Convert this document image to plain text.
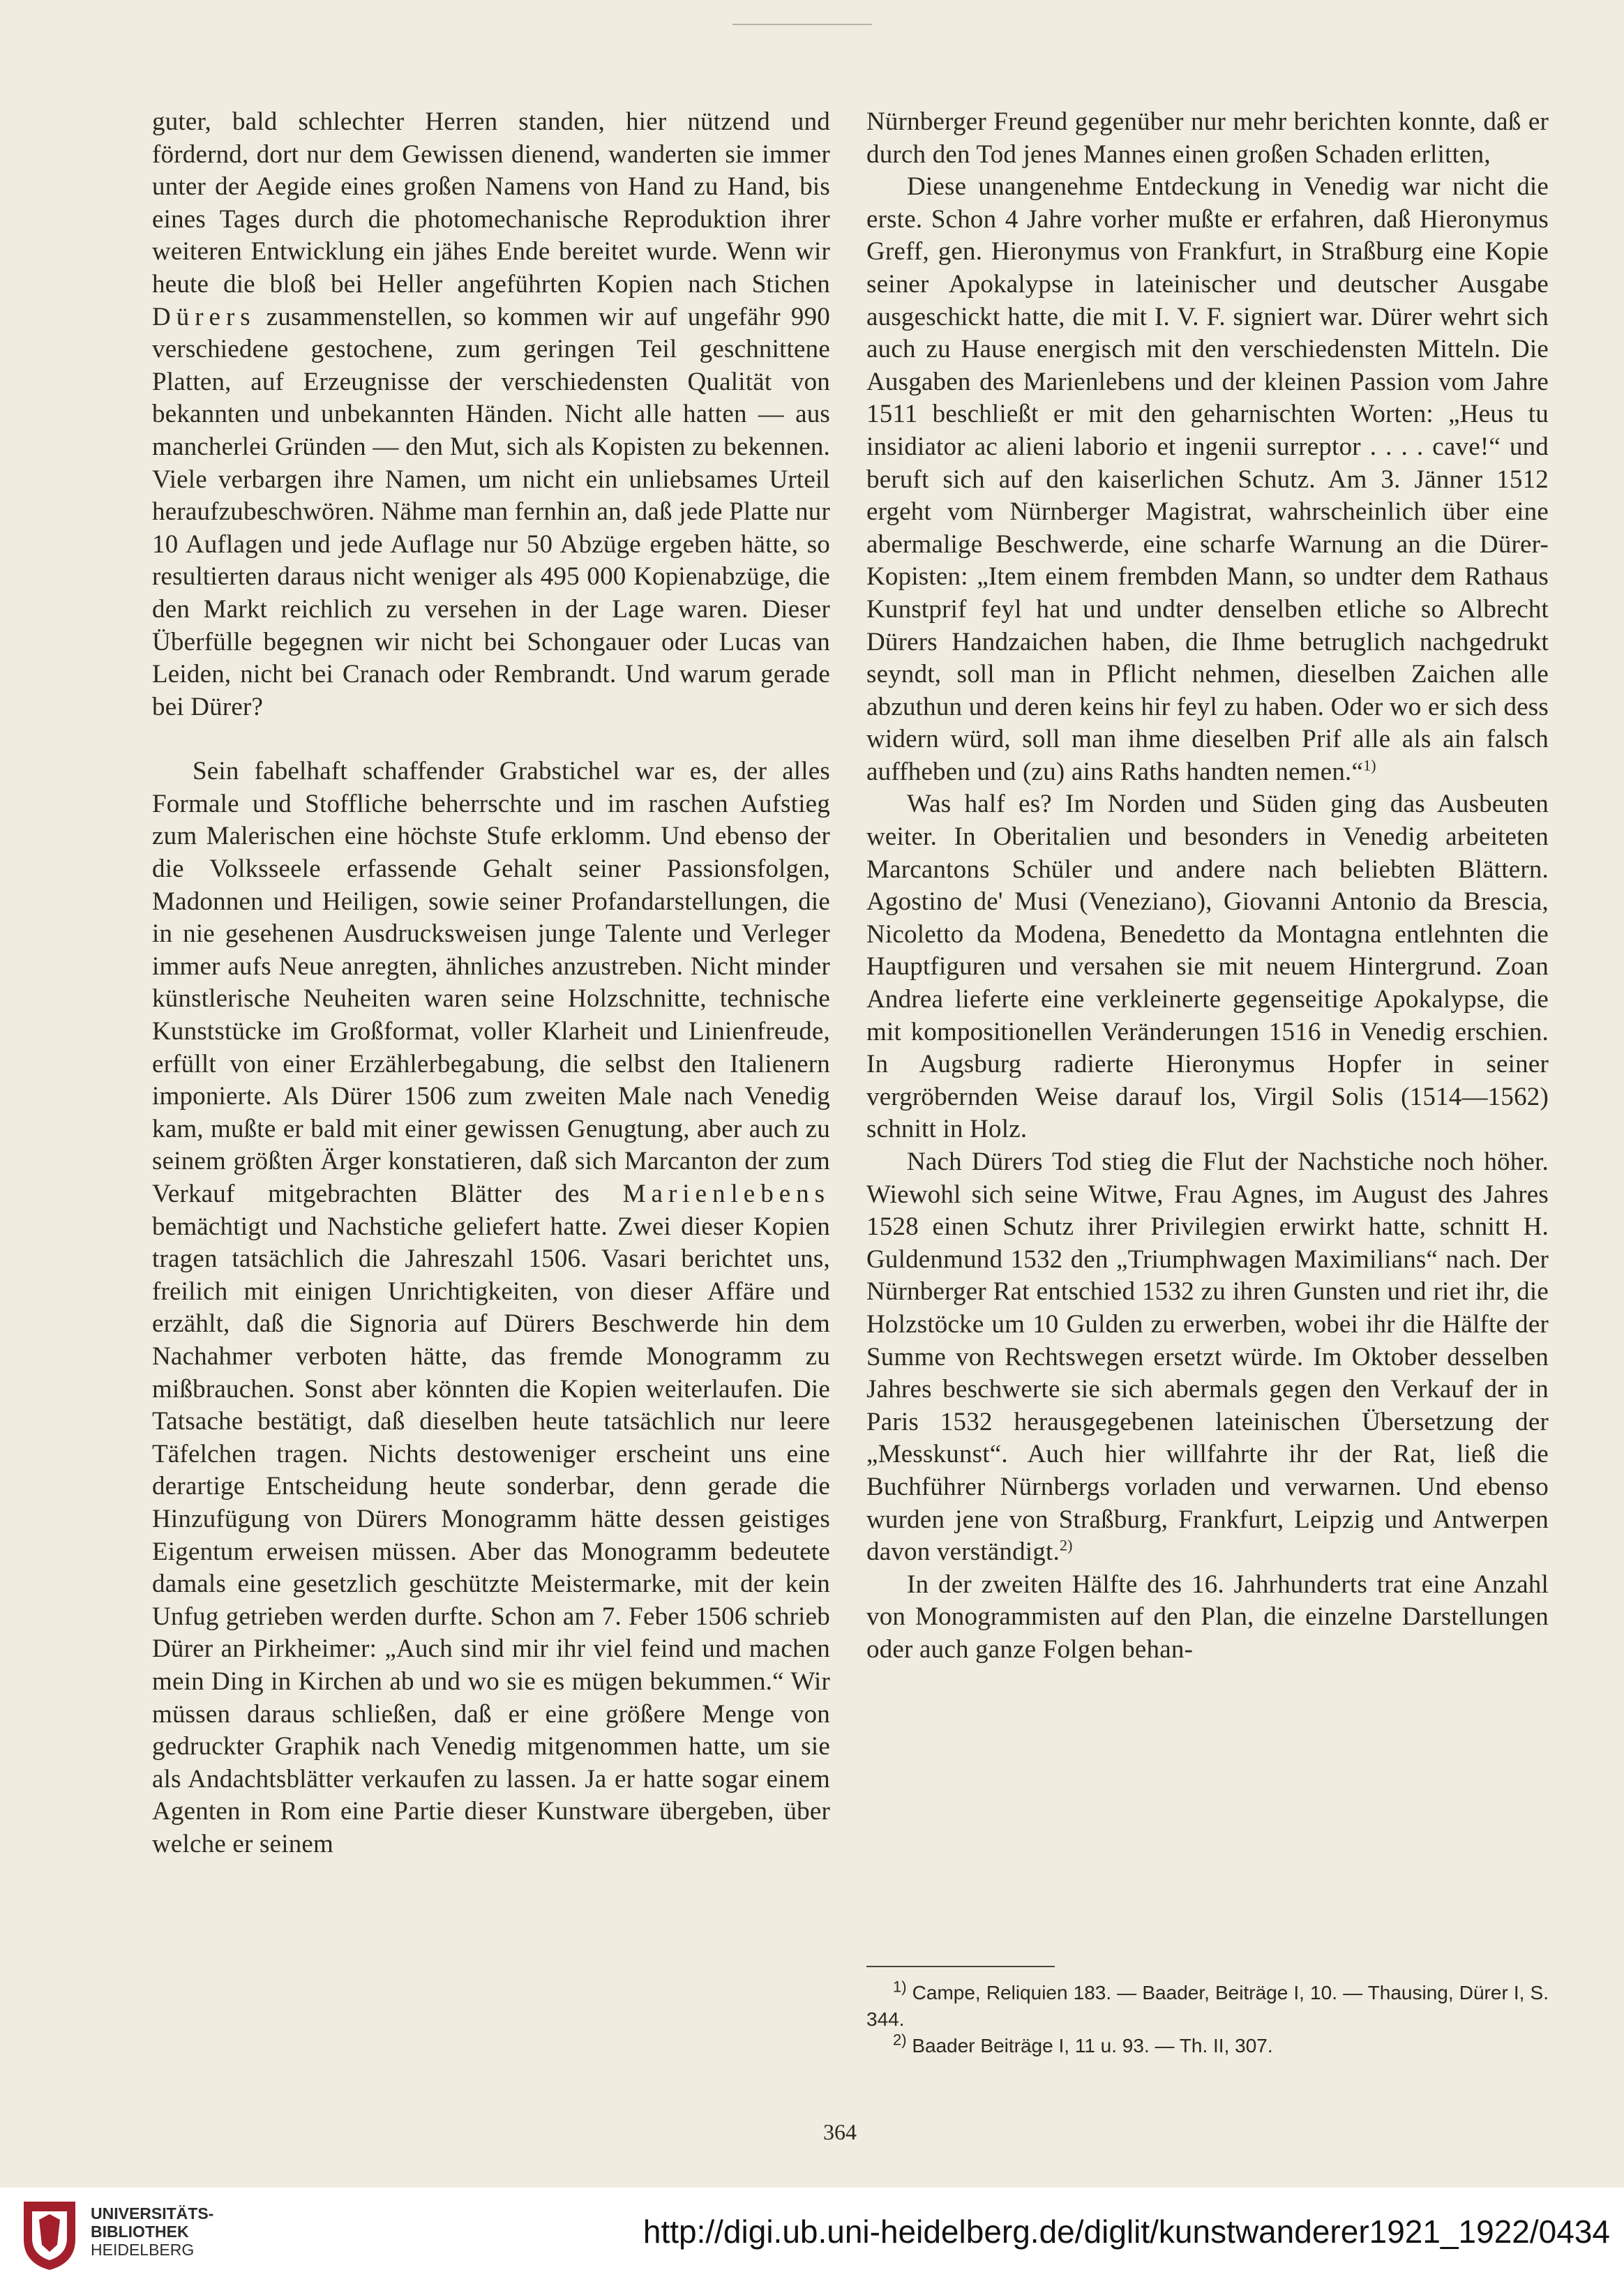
guter, bald schlechter Herren standen, hier nützend und fördernd, dort nur dem Gewissen dienend, wanderten sie immer unter der Aegide eines großen Namens von Hand zu Hand, bis eines Tages durch die photomechanische Reproduktion ihrer weiteren Entwicklung ein jähes Ende bereitet wurde. Wenn wir heute die bloß bei Heller angeführten Kopien nach Stichen Dürers zusammenstellen, so kommen wir auf ungefähr 990 verschiedene gestochene, zum geringen Teil geschnittene Platten, auf Erzeugnisse der verschiedensten Qualität von bekannten und unbekannten Händen. Nicht alle hatten — aus mancherlei Gründen — den Mut, sich als Kopisten zu bekennen. Viele verbargen ihre Namen, um nicht ein unliebsames Urteil heraufzubeschwören. Nähme man fernhin an, daß jede Platte nur 10 Auflagen und jede Auflage nur 50 Abzüge ergeben hätte, so resultierten daraus nicht weniger als 495 000 Kopienabzüge, die den Markt reichlich zu versehen in der Lage waren. Dieser Überfülle begegnen wir nicht bei Schongauer oder Lucas van Leiden, nicht bei Cranach oder Rembrandt. Und warum gerade bei Dürer?

Sein fabelhaft schaffender Grabstichel war es, der alles Formale und Stoffliche beherrschte und im raschen Aufstieg zum Malerischen eine höchste Stufe erklomm. Und ebenso der die Volksseele erfassende Gehalt seiner Passionsfolgen, Madonnen und Heiligen, sowie seiner Profandarstellungen, die in nie gesehenen Ausdrucksweisen junge Talente und Verleger immer aufs Neue anregten, ähnliches anzustreben. Nicht minder künstlerische Neuheiten waren seine Holzschnitte, technische Kunststücke im Großformat, voller Klarheit und Linienfreude, erfüllt von einer Erzählerbegabung, die selbst den Italienern imponierte. Als Dürer 1506 zum zweiten Male nach Venedig kam, mußte er bald mit einer gewissen Genugtung, aber auch zu seinem größten Ärger konstatieren, daß sich Marcanton der zum Verkauf mitgebrachten Blätter des Marienlebens bemächtigt und Nachstiche geliefert hatte. Zwei dieser Kopien tragen tatsächlich die Jahreszahl 1506. Vasari berichtet uns, freilich mit einigen Unrichtigkeiten, von dieser Affäre und erzählt, daß die Signoria auf Dürers Beschwerde hin dem Nachahmer verboten hätte, das fremde Monogramm zu mißbrauchen. Sonst aber könnten die Kopien weiterlaufen. Die Tatsache bestätigt, daß dieselben heute tatsächlich nur leere Täfelchen tragen. Nichts destoweniger erscheint uns eine derartige Entscheidung heute sonderbar, denn gerade die Hinzufügung von Dürers Monogramm hätte dessen geistiges Eigentum erweisen müssen. Aber das Monogramm bedeutete damals eine gesetzlich geschützte Meistermarke, mit der kein Unfug getrieben werden durfte. Schon am 7. Feber 1506 schrieb Dürer an Pirkheimer: „Auch sind mir ihr viel feind und machen mein Ding in Kirchen ab und wo sie es mügen bekummen.“ Wir müssen daraus schließen, daß er eine größere Menge von gedruckter Graphik nach Venedig mitgenommen hatte, um sie als Andachtsblätter verkaufen zu lassen. Ja er hatte sogar einem Agenten in Rom eine Partie dieser Kunstware übergeben, über welche er seinem

Nürnberger Freund gegenüber nur mehr berichten konnte, daß er durch den Tod jenes Mannes einen großen Schaden erlitten,

Diese unangenehme Entdeckung in Venedig war nicht die erste. Schon 4 Jahre vorher mußte er erfahren, daß Hieronymus Greff, gen. Hieronymus von Frankfurt, in Straßburg eine Kopie seiner Apokalypse in lateinischer und deutscher Ausgabe ausgeschickt hatte, die mit I. V. F. signiert war. Dürer wehrt sich auch zu Hause energisch mit den verschiedensten Mitteln. Die Ausgaben des Marienlebens und der kleinen Passion vom Jahre 1511 beschließt er mit den geharnischten Worten: „Heus tu insidiator ac alieni laborio et ingenii surreptor . . . . cave!“ und beruft sich auf den kaiserlichen Schutz. Am 3. Jänner 1512 ergeht vom Nürnberger Magistrat, wahrscheinlich über eine abermalige Beschwerde, eine scharfe Warnung an die Dürer-Kopisten: „Item einem frembden Mann, so undter dem Rathaus Kunstprif feyl hat und undter denselben etliche so Albrecht Dürers Handzaichen haben, die Ihme betruglich nachgedrukt seyndt, soll man in Pflicht nehmen, dieselben Zaichen alle abzuthun und deren keins hir feyl zu haben. Oder wo er sich dess widern würd, soll man ihme dieselben Prif alle als ain falsch auffheben und (zu) ains Raths handten nemen.“$^{1)}$

Was half es? Im Norden und Süden ging das Ausbeuten weiter. In Oberitalien und besonders in Venedig arbeiteten Marcantons Schüler und andere nach beliebten Blättern. Agostino de' Musi (Veneziano), Giovanni Antonio da Brescia, Nicoletto da Modena, Benedetto da Montagna entlehnten die Hauptfiguren und versahen sie mit neuem Hintergrund. Zoan Andrea lieferte eine verkleinerte gegenseitige Apokalypse, die mit kompositionellen Veränderungen 1516 in Venedig erschien. In Augsburg radierte Hieronymus Hopfer in seiner vergröbernden Weise darauf los, Virgil Solis (1514—1562) schnitt in Holz.

Nach Dürers Tod stieg die Flut der Nachstiche noch höher. Wiewohl sich seine Witwe, Frau Agnes, im August des Jahres 1528 einen Schutz ihrer Privilegien erwirkt hatte, schnitt H. Guldenmund 1532 den „Triumphwagen Maximilians“ nach. Der Nürnberger Rat entschied 1532 zu ihren Gunsten und riet ihr, die Holzstöcke um 10 Gulden zu erwerben, wobei ihr die Hälfte der Summe von Rechtswegen ersetzt würde. Im Oktober desselben Jahres beschwerte sie sich abermals gegen den Verkauf der in Paris 1532 herausgegebenen lateinischen Übersetzung der „Messkunst“. Auch hier willfahrte ihr der Rat, ließ die Buchführer Nürnbergs vorladen und verwarnen. Und ebenso wurden jene von Straßburg, Frankfurt, Leipzig und Antwerpen davon verständigt.$^{2)}$

In der zweiten Hälfte des 16. Jahrhunderts trat eine Anzahl von Monogrammisten auf den Plan, die einzelne Darstellungen oder auch ganze Folgen behan-

$^{1)}$ Campe, Reliquien 183. — Baader, Beiträge I, 10. — Thausing, Dürer I, S. 344.

$^{2)}$ Baader Beiträge I, 11 u. 93. — Th. II, 307.

364
UNIVERSITÄTS-
BIBLIOTHEK
HEIDELBERG	http://digi.ub.uni-heidelberg.de/diglit/kunstwanderer1921_1922/0434
